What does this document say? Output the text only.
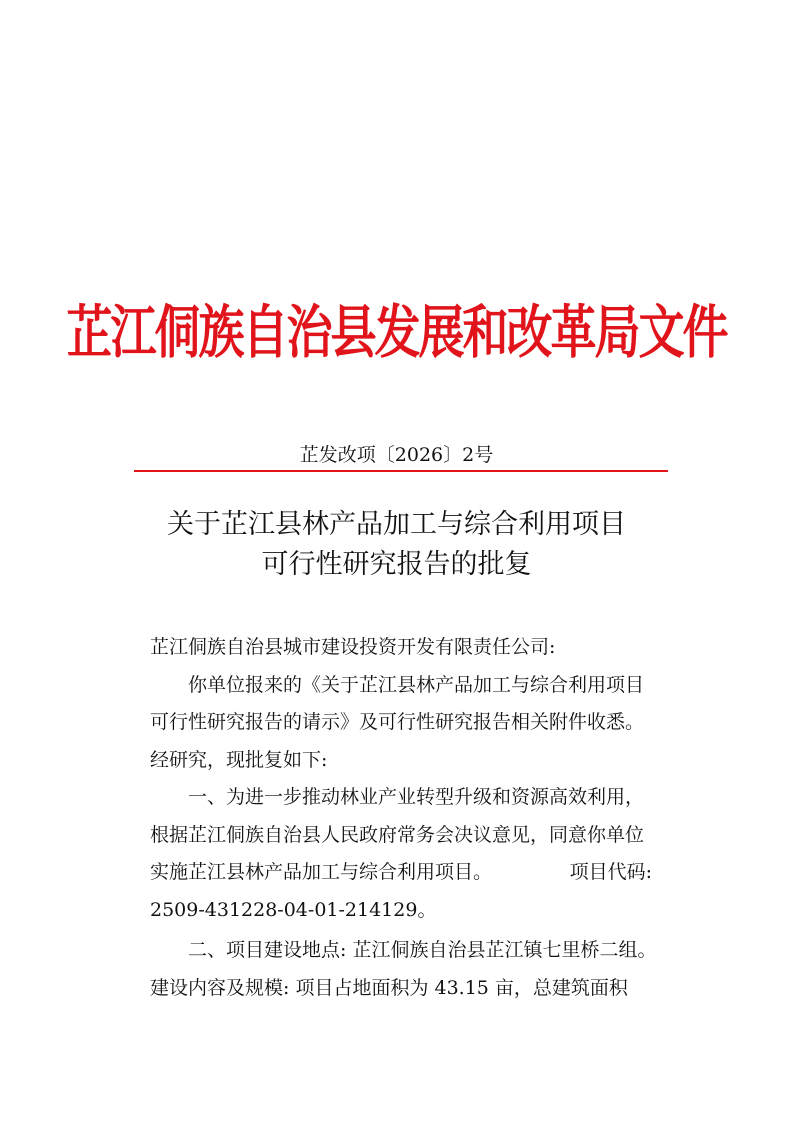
芷江侗族自治县发展和改革局文件
芷发改项〔2026〕2号
关于芷江县林产品加工与综合利用项目
可行性研究报告的批复
芷江侗族自治县城市建设投资开发有限责任公司:
你单位报来的《关于芷江县林产品加工与综合利用项目
可行性研究报告的请示》及可行性研究报告相关附件收悉。
经研究，现批复如下:
一、为进一步推动林业产业转型升级和资源高效利用，
根据芷江侗族自治县人民政府常务会决议意见，同意你单位
实施芷江县林产品加工与综合利用项目。	项目代码:
2509-431228-04-01-214129。
二、项目建设地点: 芷江侗族自治县芷江镇七里桥二组。
建设内容及规模: 项目占地面积为 43.15 亩，总建筑面积
